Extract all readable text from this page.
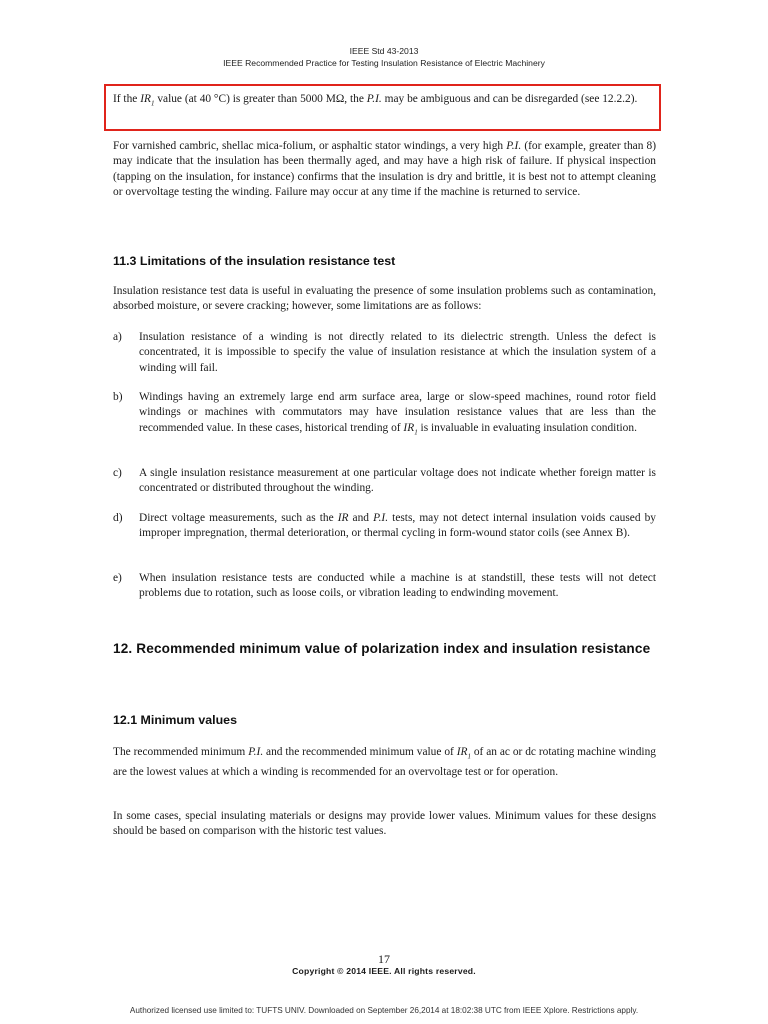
IEEE Std 43-2013
IEEE Recommended Practice for Testing Insulation Resistance of Electric Machinery

If the $IR_1$ value (at 40 °C) is greater than 5000 MΩ, the P.I. may be ambiguous and can be disregarded (see 12.2.2).

For varnished cambric, shellac mica-folium, or asphaltic stator windings, a very high P.I. (for example, greater than 8) may indicate that the insulation has been thermally aged, and may have a high risk of failure. If physical inspection (tapping on the insulation, for instance) confirms that the insulation is dry and brittle, it is best not to attempt cleaning or overvoltage testing the winding. Failure may occur at any time if the machine is returned to service.

11.3 Limitations of the insulation resistance test

Insulation resistance test data is useful in evaluating the presence of some insulation problems such as contamination, absorbed moisture, or severe cracking; however, some limitations are as follows:

a) Insulation resistance of a winding is not directly related to its dielectric strength. Unless the defect is concentrated, it is impossible to specify the value of insulation resistance at which the insulation system of a winding will fail.

b) Windings having an extremely large end arm surface area, large or slow-speed machines, round rotor field windings or machines with commutators may have insulation resistance values that are less than the recommended value. In these cases, historical trending of $IR_1$ is invaluable in evaluating insulation condition.

c) A single insulation resistance measurement at one particular voltage does not indicate whether foreign matter is concentrated or distributed throughout the winding.

d) Direct voltage measurements, such as the IR and P.I. tests, may not detect internal insulation voids caused by improper impregnation, thermal deterioration, or thermal cycling in form-wound stator coils (see Annex B).

e) When insulation resistance tests are conducted while a machine is at standstill, these tests will not detect problems due to rotation, such as loose coils, or vibration leading to endwinding movement.

12. Recommended minimum value of polarization index and insulation resistance
12.1 Minimum values

The recommended minimum P.I. and the recommended minimum value of $IR_1$ of an ac or dc rotating machine winding are the lowest values at which a winding is recommended for an overvoltage test or for operation.

In some cases, special insulating materials or designs may provide lower values. Minimum values for these designs should be based on comparison with the historic test values.

17
Copyright © 2014 IEEE. All rights reserved.
Authorized licensed use limited to: TUFTS UNIV. Downloaded on September 26,2014 at 18:02:38 UTC from IEEE Xplore. Restrictions apply.
